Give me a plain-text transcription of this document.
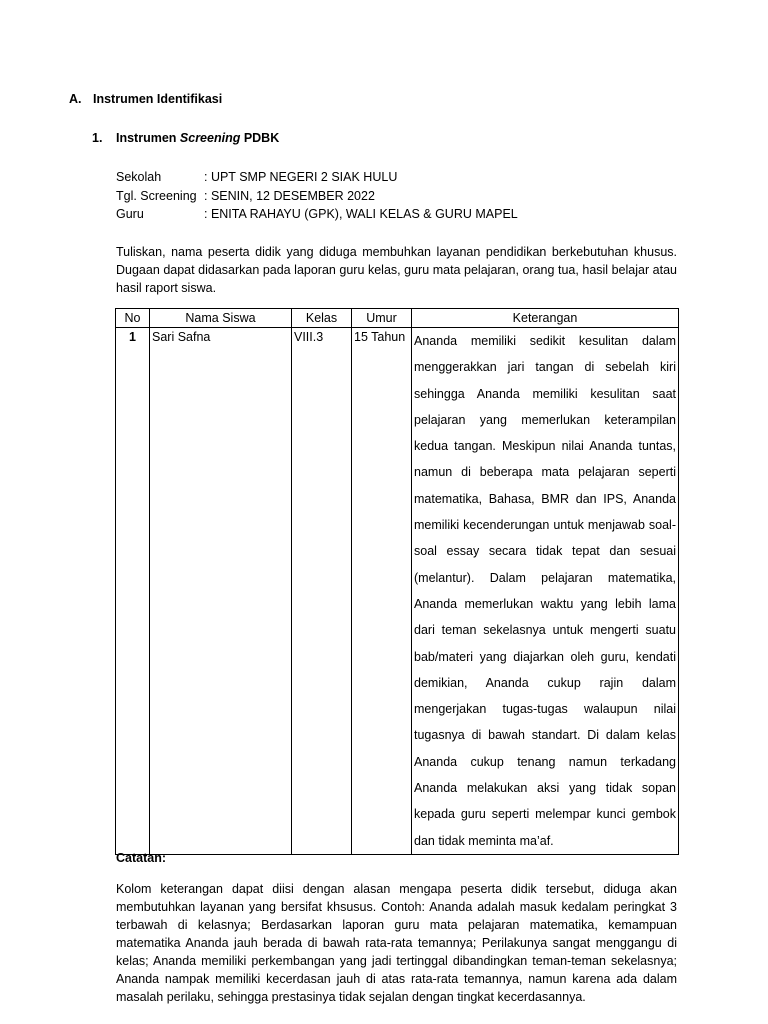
A. Instrumen Identifikasi
1. Instrumen Screening PDBK
Sekolah	: UPT SMP NEGERI 2 SIAK HULU
Tgl. Screening : SENIN, 12 DESEMBER 2022
Guru	: ENITA RAHAYU (GPK), WALI KELAS & GURU MAPEL
Tuliskan, nama peserta didik yang diduga membuhkan layanan pendidikan berkebutuhan khusus. Dugaan dapat didasarkan pada laporan guru kelas, guru mata pelajaran, orang tua, hasil belajar atau hasil raport siswa.
No	Nama Siswa	Kelas	Umur	Keterangan
1	Sari Safna	VIII.3	15 Tahun	Ananda memiliki sedikit kesulitan dalam menggerakkan jari tangan di sebelah kiri sehingga Ananda memiliki kesulitan saat pelajaran yang memerlukan keterampilan kedua tangan. Meskipun nilai Ananda tuntas, namun di beberapa mata pelajaran seperti matematika, Bahasa, BMR dan IPS, Ananda memiliki kecenderungan untuk menjawab soal-soal essay secara tidak tepat dan sesuai (melantur). Dalam pelajaran matematika, Ananda memerlukan waktu yang lebih lama dari teman sekelasnya untuk mengerti suatu bab/materi yang diajarkan oleh guru, kendati demikian, Ananda cukup rajin dalam mengerjakan tugas-tugas walaupun nilai tugasnya di bawah standart. Di dalam kelas Ananda cukup tenang namun terkadang Ananda melakukan aksi yang tidak sopan kepada guru seperti melempar kunci gembok dan tidak meminta ma’af.
Catatan:
Kolom keterangan dapat diisi dengan alasan mengapa peserta didik tersebut, diduga akan membutuhkan layanan yang bersifat khsusus. Contoh: Ananda adalah masuk kedalam peringkat 3 terbawah di kelasnya; Berdasarkan laporan guru mata pelajaran matematika, kemampuan matematika Ananda jauh berada di bawah rata-rata temannya; Perilakunya sangat menggangu di kelas; Ananda memiliki perkembangan yang jadi tertinggal dibandingkan teman-teman sekelasnya; Ananda nampak memiliki kecerdasan jauh di atas rata-rata temannya, namun karena ada dalam masalah perilaku, sehingga prestasinya tidak sejalan dengan tingkat kecerdasannya.
